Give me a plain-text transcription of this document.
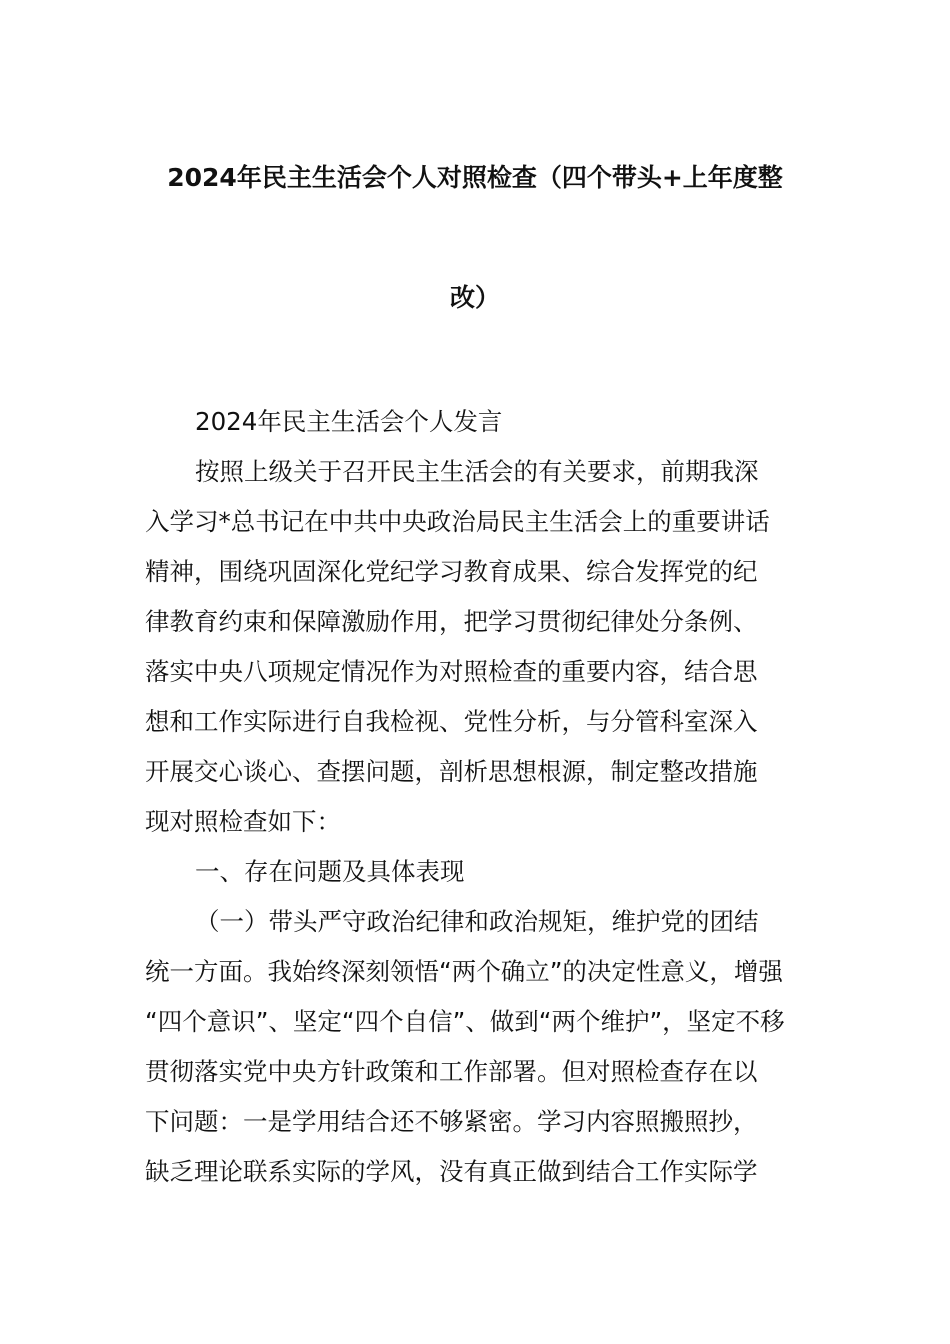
2024年民主生活会个人对照检查（四个带头+上年度整
改）
2024年民主生活会个人发言
按照上级关于召开民主生活会的有关要求，前期我深
入学习*总书记在中共中央政治局民主生活会上的重要讲话
精神，围绕巩固深化党纪学习教育成果、综合发挥党的纪
律教育约束和保障激励作用，把学习贯彻纪律处分条例、
落实中央八项规定情况作为对照检查的重要内容，结合思
想和工作实际进行自我检视、党性分析，与分管科室深入
开展交心谈心、查摆问题，剖析思想根源，制定整改措施
现对照检查如下：
一、存在问题及具体表现
（一）带头严守政治纪律和政治规矩，维护党的团结
统一方面。我始终深刻领悟“两个确立”的决定性意义，增强
“四个意识”、坚定“四个自信”、做到“两个维护”，坚定不移
贯彻落实党中央方针政策和工作部署。但对照检查存在以
下问题：一是学用结合还不够紧密。学习内容照搬照抄，
缺乏理论联系实际的学风，没有真正做到结合工作实际学
